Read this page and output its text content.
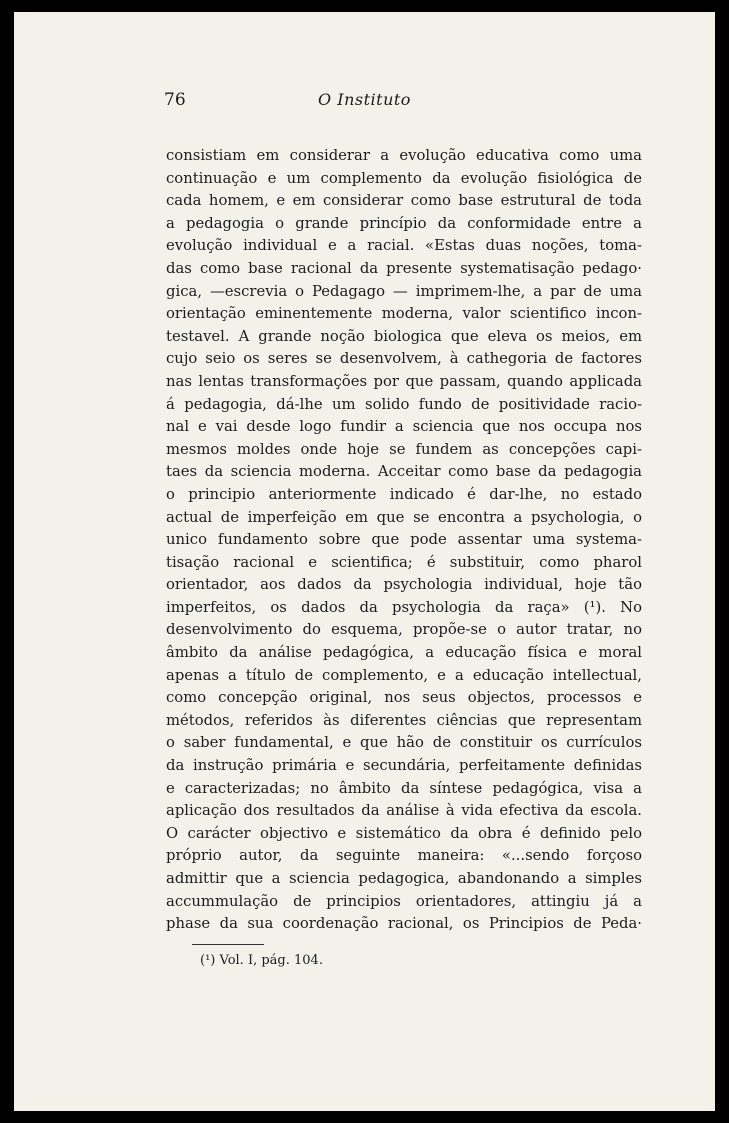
76	O Instituto
consistiam em considerar a evolução educativa como uma
continuação e um complemento da evolução fisiológica de
cada homem, e em considerar como base estrutural de toda
a pedagogia o grande princípio da conformidade entre a
evolução individual e a racial. «Estas duas noções, toma-
das como base racional da presente systematisação pedago·
gica, —escrevia o Pedagago — imprimem-lhe, a par de uma
orientação eminentemente moderna, valor scientifico incon-
testavel. A grande noção biologica que eleva os meios, em
cujo seio os seres se desenvolvem, à cathegoria de factores
nas lentas transformações por que passam, quando applicada
á pedagogia, dá-lhe um solido fundo de positividade racio-
nal e vai desde logo fundir a sciencia que nos occupa nos
mesmos moldes onde hoje se fundem as concepções capi-
taes da sciencia moderna. Acceitar como base da pedagogia
o principio anteriormente indicado é dar-lhe, no estado
actual de imperfeição em que se encontra a psychologia, o
unico fundamento sobre que pode assentar uma systema-
tisação racional e scientifica; é substituir, como pharol
orientador, aos dados da psychologia individual, hoje tão
imperfeitos, os dados da psychologia da raça» (¹). No
desenvolvimento do esquema, propõe-se o autor tratar, no
âmbito da análise pedagógica, a educação física e moral
apenas a título de complemento, e a educação intellectual,
como concepção original, nos seus objectos, processos e
métodos, referidos às diferentes ciências que representam
o saber fundamental, e que hão de constituir os currículos
da instrução primária e secundária, perfeitamente definidas
e caracterizadas; no âmbito da síntese pedagógica, visa a
aplicação dos resultados da análise à vida efectiva da escola.
O carácter objectivo e sistemático da obra é definido pelo
próprio autor, da seguinte maneira: «...sendo forçoso
admittir que a sciencia pedagogica, abandonando a simples
accummulação de principios orientadores, attingiu já a
phase da sua coordenação racional, os Principios de Peda·
(¹) Vol. I, pág. 104.
